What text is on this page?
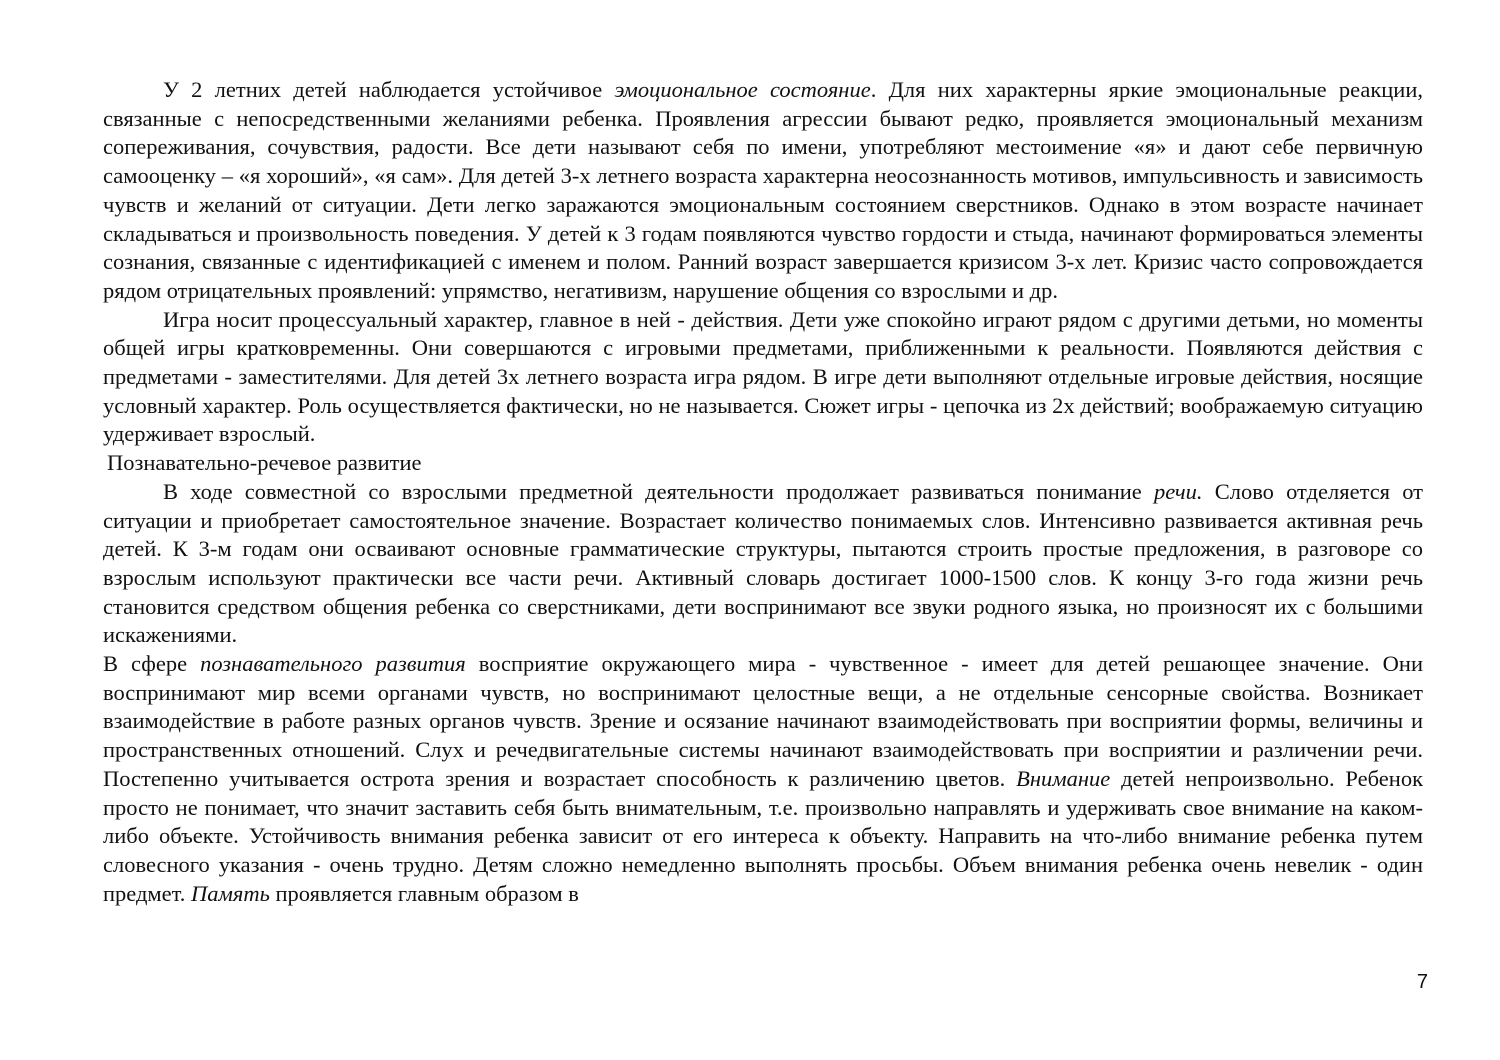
У 2 летних детей наблюдается устойчивое эмоциональное состояние. Для них характерны яркие эмоциональные реакции, связанные с непосредственными желаниями ребенка. Проявления агрессии бывают редко, проявляется эмоциональный механизм сопереживания, сочувствия, радости. Все дети называют себя по имени, употребляют местоимение «я» и дают себе первичную самооценку – «я хороший», «я сам». Для детей 3-х летнего возраста характерна неосознанность мотивов, импульсивность и зависимость чувств и желаний от ситуации. Дети легко заражаются эмоциональным состоянием сверстников. Однако в этом возрасте начинает складываться и произвольность поведения. У детей к 3 годам появляются чувство гордости и стыда, начинают формироваться элементы сознания, связанные с идентификацией с именем и полом. Ранний возраст завершается кризисом 3-х лет. Кризис часто сопровождается рядом отрицательных проявлений: упрямство, негативизм, нарушение общения со взрослыми и др.

Игра носит процессуальный характер, главное в ней - действия. Дети уже спокойно играют рядом с другими детьми, но моменты общей игры кратковременны. Они совершаются с игровыми предметами, приближенными к реальности. Появляются действия с предметами - заместителями. Для детей 3х летнего возраста игра рядом. В игре дети выполняют отдельные игровые действия, носящие условный характер. Роль осуществляется фактически, но не называется. Сюжет игры - цепочка из 2х действий; воображаемую ситуацию удерживает взрослый.

Познавательно-речевое развитие

В ходе совместной со взрослыми предметной деятельности продолжает развиваться понимание речи. Слово отделяется от ситуации и приобретает самостоятельное значение. Возрастает количество понимаемых слов. Интенсивно развивается активная речь детей. К 3-м годам они осваивают основные грамматические структуры, пытаются строить простые предложения, в разговоре со взрослым используют практически все части речи. Активный словарь достигает 1000-1500 слов. К концу 3-го года жизни речь становится средством общения ребенка со сверстниками, дети воспринимают все звуки родного языка, но произносят их с большими искажениями.

В сфере познавательного развития восприятие окружающего мира - чувственное - имеет для детей решающее значение. Они воспринимают мир всеми органами чувств, но воспринимают целостные вещи, а не отдельные сенсорные свойства. Возникает взаимодействие в работе разных органов чувств. Зрение и осязание начинают взаимодействовать при восприятии формы, величины и пространственных отношений. Слух и речедвигательные системы начинают взаимодействовать при восприятии и различении речи. Постепенно учитывается острота зрения и возрастает способность к различению цветов. Внимание детей непроизвольно. Ребенок просто не понимает, что значит заставить себя быть внимательным, т.е. произвольно направлять и удерживать свое внимание на каком-либо объекте. Устойчивость внимания ребенка зависит от его интереса к объекту. Направить на что-либо внимание ребенка путем словесного указания - очень трудно. Детям сложно немедленно выполнять просьбы. Объем внимания ребенка очень невелик - один предмет. Память проявляется главным образом в

7
